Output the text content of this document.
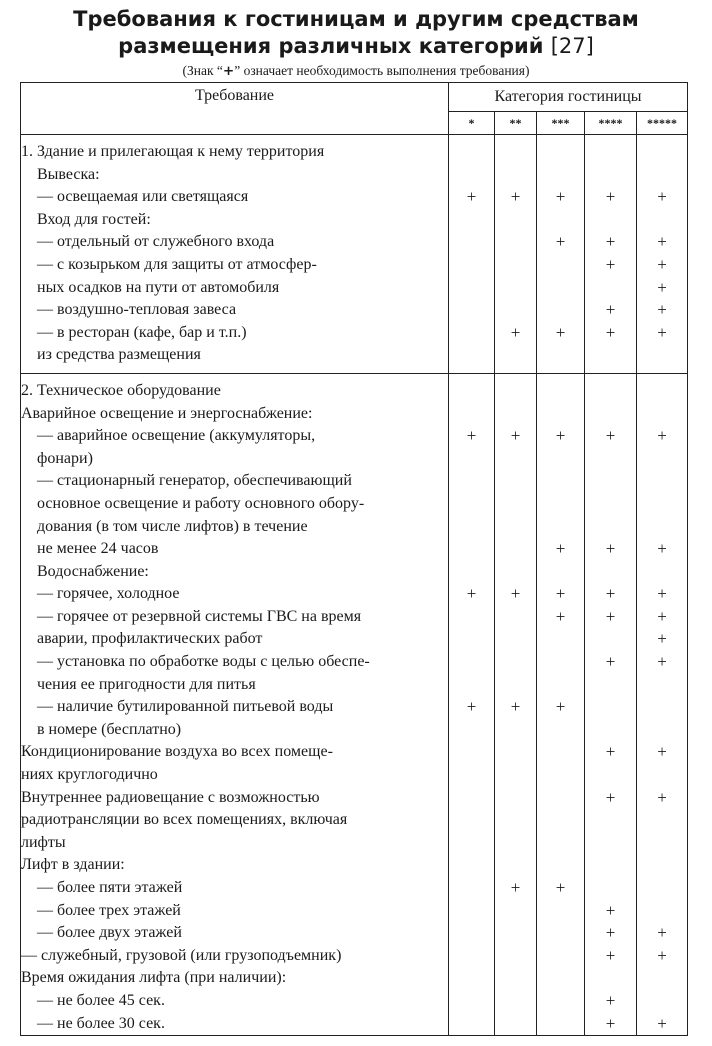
Требования к гостиницам и другим средствам
размещения различных категорий [27]
(Знак “+” означает необходимость выполнения требования)
Требование	Категория гостиницы				
	*	**	***	****	*****

1. Здание и прилегающая к нему территория					
Вывеска:					
— освещаемая или светящаяся	+	+	+	+	+
Вход для гостей:					
— отдельный от служебного входа			+	+	+
— с козырьком для защиты от атмосфер-				+	+
ных осадков на пути от автомобиля					+
— воздушно-тепловая завеса				+	+
— в ресторан (кафе, бар и т.п.)		+	+	+	+
из средства размещения					

2. Техническое оборудование					
Аварийное освещение и энергоснабжение:					
— аварийное освещение (аккумуляторы,	+	+	+	+	+
фонари)					
— стационарный генератор, обеспечивающий					
основное освещение и работу основного обору-					
дования (в том числе лифтов) в течение					
не менее 24 часов			+	+	+
Водоснабжение:					
— горячее, холодное	+	+	+	+	+
— горячее от резервной системы ГВС на время			+	+	+
аварии, профилактических работ					+
— установка по обработке воды с целью обеспе-				+	+
чения ее пригодности для питья					
— наличие бутилированной питьевой воды	+	+	+		
в номере (бесплатно)					
Кондиционирование воздуха во всех помеще-				+	+
ниях круглогодично					
Внутреннее радиовещание с возможностью				+	+
радиотрансляции во всех помещениях, включая					
лифты					
Лифт в здании:					
— более пяти этажей		+	+		
— более трех этажей				+	
— более двух этажей				+	+
— служебный, грузовой (или грузоподъемник)				+	+
Время ожидания лифта (при наличии):					
— не более 45 сек.				+	
— не более 30 сек.				+	+
